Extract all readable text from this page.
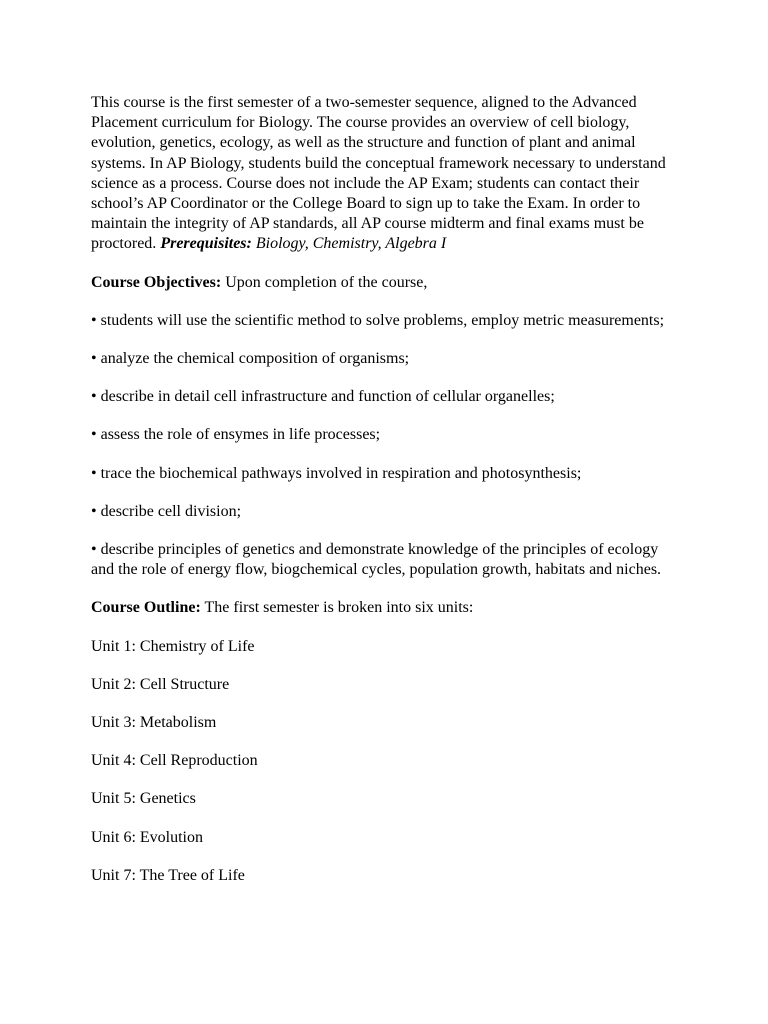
This course is the first semester of a two-semester sequence, aligned to the Advanced Placement curriculum for Biology. The course provides an overview of cell biology, evolution, genetics, ecology, as well as the structure and function of plant and animal systems. In AP Biology, students build the conceptual framework necessary to understand science as a process. Course does not include the AP Exam; students can contact their school’s AP Coordinator or the College Board to sign up to take the Exam. In order to maintain the integrity of AP standards, all AP course midterm and final exams must be proctored. Prerequisites: Biology, Chemistry, Algebra I

Course Objectives: Upon completion of the course,

• students will use the scientific method to solve problems, employ metric measurements;

• analyze the chemical composition of organisms;

• describe in detail cell infrastructure and function of cellular organelles;

• assess the role of ensymes in life processes;

• trace the biochemical pathways involved in respiration and photosynthesis;

• describe cell division;

• describe principles of genetics and demonstrate knowledge of the principles of ecology and the role of energy flow, biogchemical cycles, population growth, habitats and niches.

Course Outline: The first semester is broken into six units:

Unit 1: Chemistry of Life

Unit 2: Cell Structure

Unit 3: Metabolism

Unit 4: Cell Reproduction

Unit 5: Genetics

Unit 6: Evolution

Unit 7: The Tree of Life
